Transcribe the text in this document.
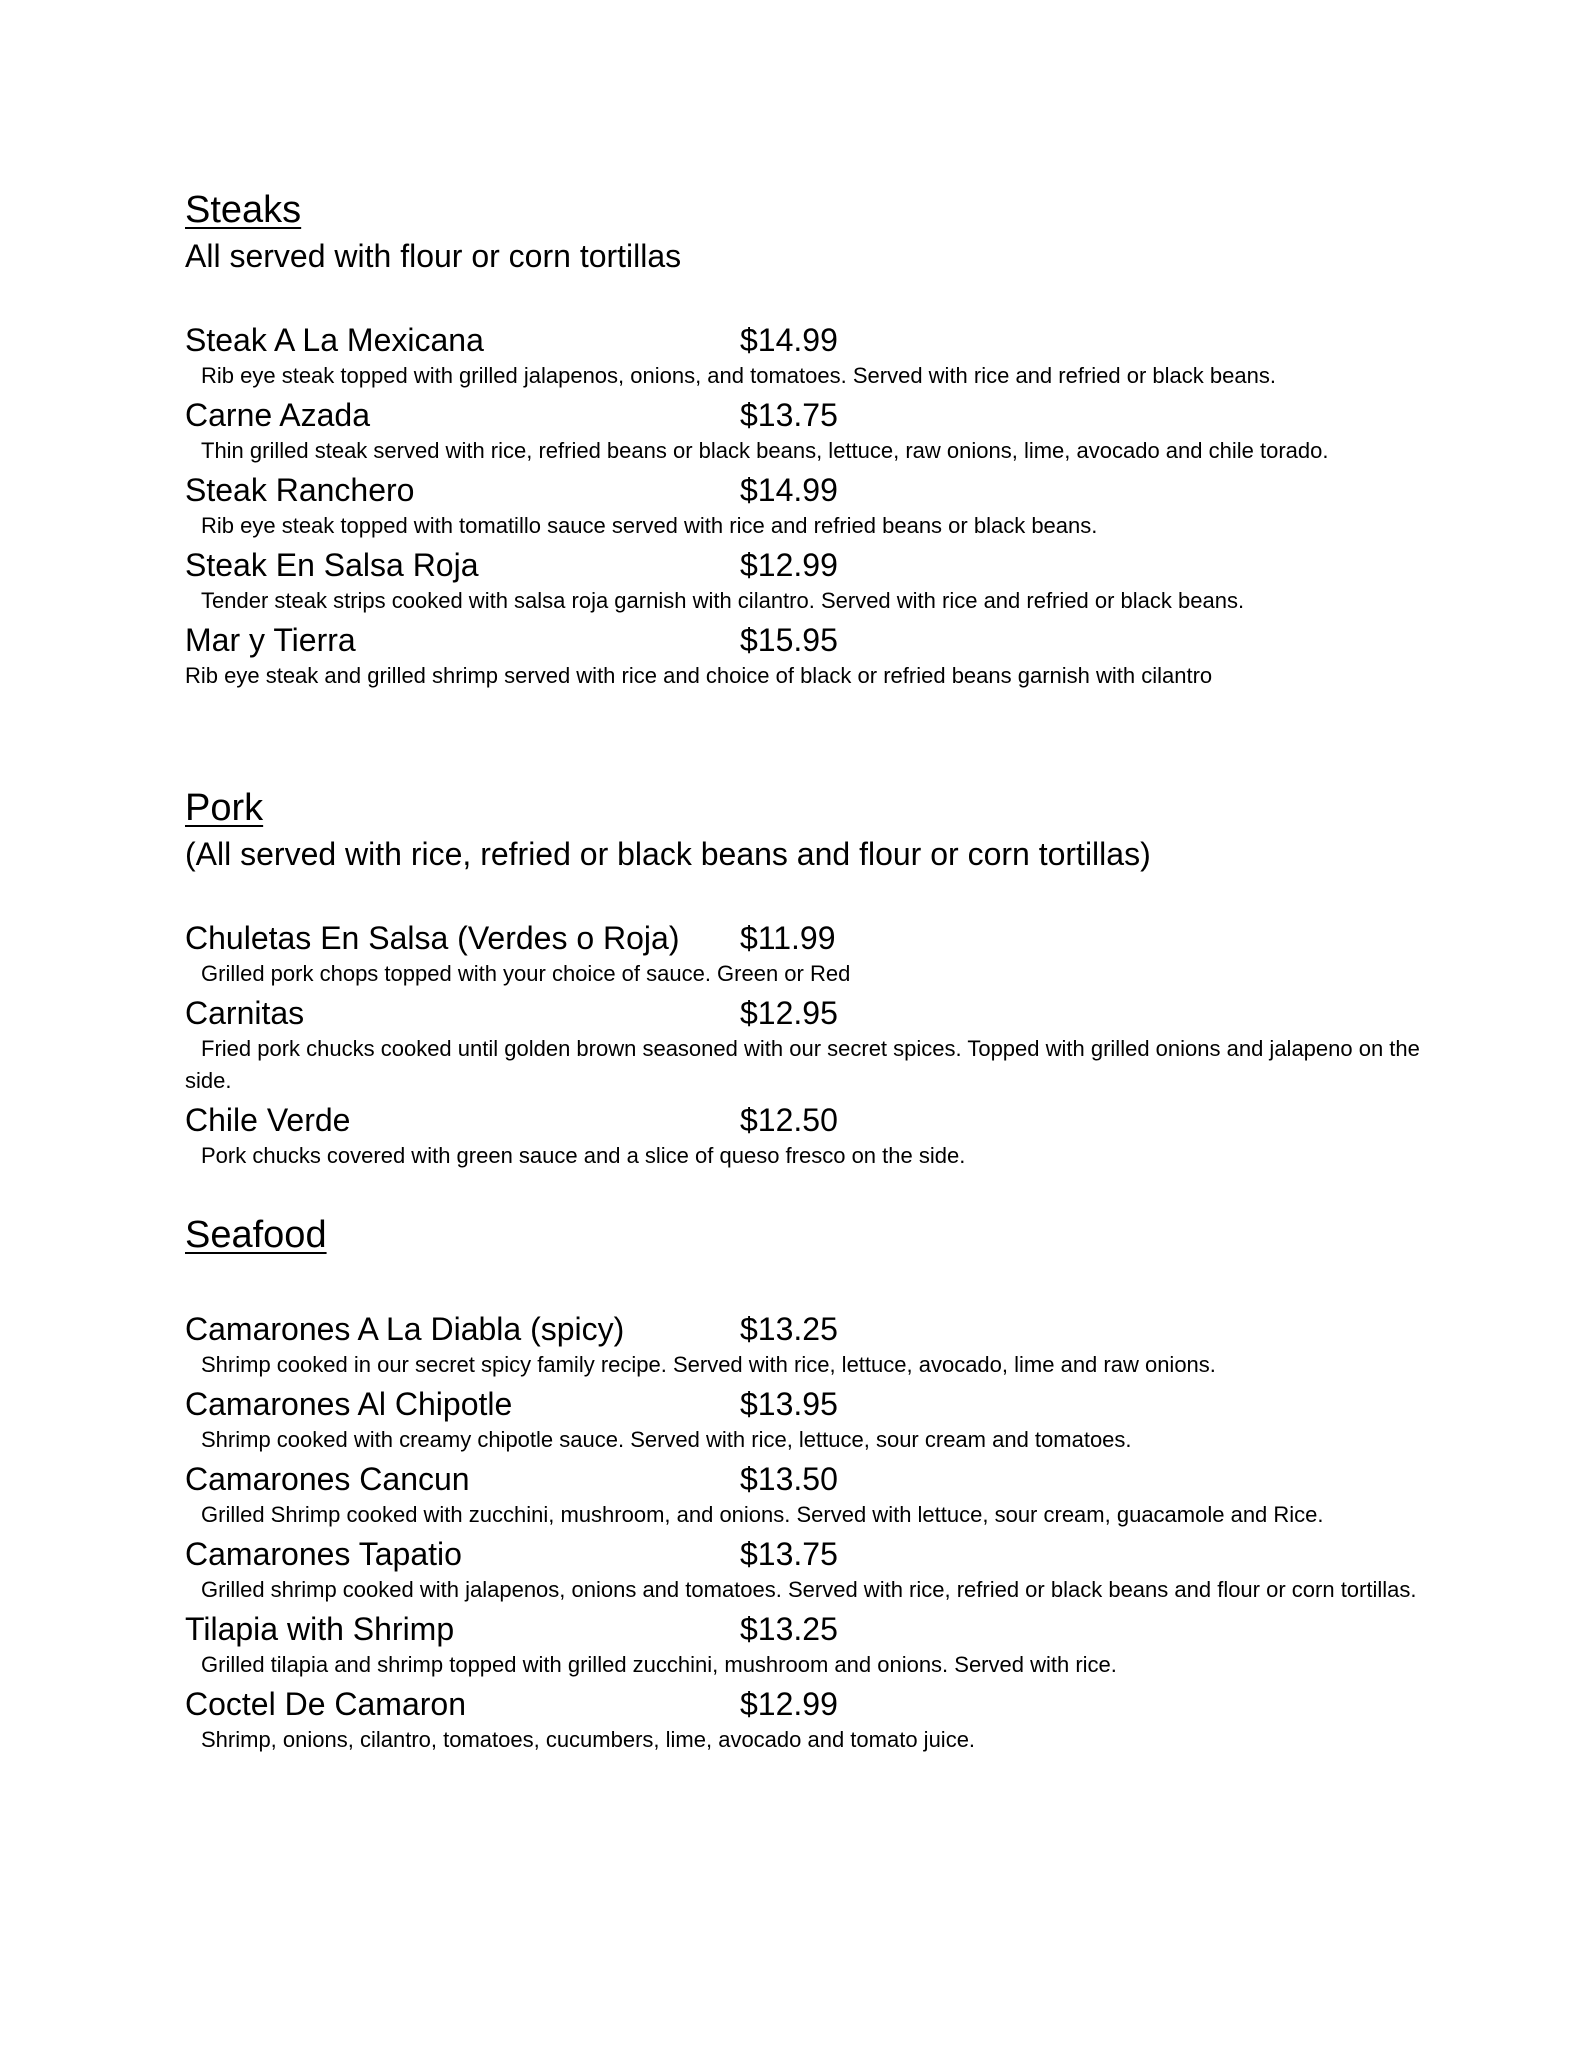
Steaks

All served with flour or corn tortillas

Steak A La Mexicana	$14.99

Rib eye steak topped with grilled jalapenos, onions, and tomatoes. Served with rice and refried or black beans.

Carne Azada	$13.75

Thin grilled steak served with rice, refried beans or black beans, lettuce, raw onions, lime, avocado and chile torado.

Steak Ranchero	$14.99

Rib eye steak topped with tomatillo sauce served with rice and refried beans or black beans.

Steak En Salsa Roja	$12.99

Tender steak strips cooked with salsa roja garnish with cilantro. Served with rice and refried or black beans.

Mar y Tierra	$15.95

Rib eye steak and grilled shrimp served with rice and choice of black or refried beans garnish with cilantro

Pork

(All served with rice, refried or black beans and flour or corn tortillas)

Chuletas En Salsa (Verdes o Roja)	$11.99

Grilled pork chops topped with your choice of sauce. Green or Red

Carnitas	$12.95

Fried pork chucks cooked until golden brown seasoned with our secret spices. Topped with grilled onions and jalapeno on the side.

Chile Verde	$12.50

Pork chucks covered with green sauce and a slice of queso fresco on the side.

Seafood
Camarones A La Diabla (spicy)	$13.25

Shrimp cooked in our secret spicy family recipe. Served with rice, lettuce, avocado, lime and raw onions.

Camarones Al Chipotle	$13.95

Shrimp cooked with creamy chipotle sauce. Served with rice, lettuce, sour cream and tomatoes.

Camarones Cancun	$13.50

Grilled Shrimp cooked with zucchini, mushroom, and onions. Served with lettuce, sour cream, guacamole and Rice.

Camarones Tapatio	$13.75

Grilled shrimp cooked with jalapenos, onions and tomatoes. Served with rice, refried or black beans and flour or corn tortillas.

Tilapia with Shrimp	$13.25

Grilled tilapia and shrimp topped with grilled zucchini, mushroom and onions. Served with rice.

Coctel De Camaron	$12.99

Shrimp, onions, cilantro, tomatoes, cucumbers, lime, avocado and tomato juice.
